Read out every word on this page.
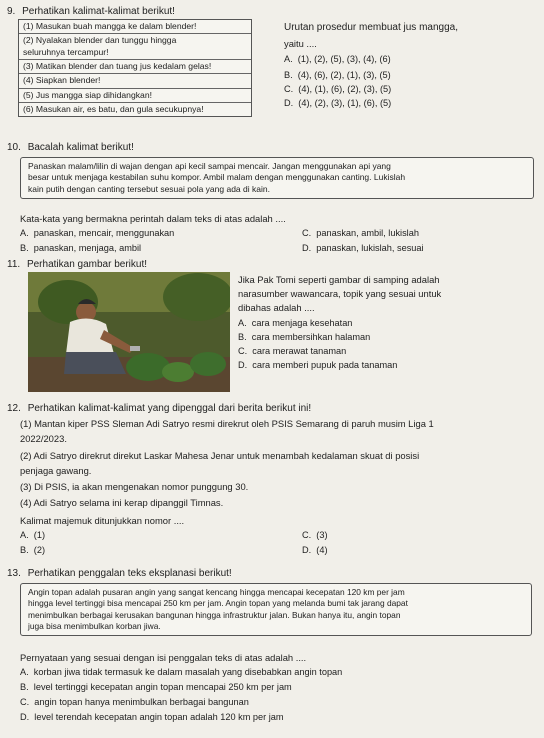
9. Perhatikan kalimat-kalimat berikut!
(1) Masukan buah mangga ke dalam blender!
(2) Nyalakan blender dan tunggu hingga
seluruhnya tercampur!
(3) Matikan blender dan tuang jus kedalam gelas!
(4) Siapkan blender!
(5) Jus mangga siap dihidangkan!
(6) Masukan air, es batu, dan gula secukupnya!
Urutan prosedur membuat jus mangga,
yaitu ....
A. (1), (2), (5), (3), (4), (6)
B. (4), (6), (2), (1), (3), (5)
C. (4), (1), (6), (2), (3), (5)
D. (4), (2), (3), (1), (6), (5)
10. Bacalah kalimat berikut!
Panaskan malam/lilin di wajan dengan api kecil sampai mencair. Jangan menggunakan api yang
besar untuk menjaga kestabilan suhu kompor. Ambil malam dengan menggunakan canting. Lukislah
kain putih dengan canting tersebut sesuai pola yang ada di kain.
Kata-kata yang bermakna perintah dalam teks di atas adalah ....
A. panaskan, mencair, menggunakan	C. panaskan, ambil, lukislah
B. panaskan, menjaga, ambil	D. panaskan, lukislah, sesuai
11. Perhatikan gambar berikut!
Jika Pak Tomi seperti gambar di samping adalah
narasumber wawancara, topik yang sesuai untuk
dibahas adalah ....
A. cara menjaga kesehatan
B. cara membersihkan halaman
C. cara merawat tanaman
D. cara memberi pupuk pada tanaman
12. Perhatikan kalimat-kalimat yang dipenggal dari berita berikut ini!
(1) Mantan kiper PSS Sleman Adi Satryo resmi direkrut oleh PSIS Semarang di paruh musim Liga 1
2022/2023.
(2) Adi Satryo direkrut direkut Laskar Mahesa Jenar untuk menambah kedalaman skuat di posisi
penjaga gawang.
(3) Di PSIS, ia akan mengenakan nomor punggung 30.
(4) Adi Satryo selama ini kerap dipanggil Timnas.
Kalimat majemuk ditunjukkan nomor ....
A. (1)	C. (3)
B. (2)	D. (4)
13. Perhatikan penggalan teks eksplanasi berikut!
Angin topan adalah pusaran angin yang sangat kencang hingga mencapai kecepatan 120 km per jam
hingga level tertinggi bisa mencapai 250 km per jam. Angin topan yang melanda bumi tak jarang dapat
menimbulkan berbagai kerusakan bangunan hingga infrastruktur jalan. Bukan hanya itu, angin topan
juga bisa menimbulkan korban jiwa.
Pernyataan yang sesuai dengan isi penggalan teks di atas adalah ....
A. korban jiwa tidak termasuk ke dalam masalah yang disebabkan angin topan
B. level tertinggi kecepatan angin topan mencapai 250 km per jam
C. angin topan hanya menimbulkan berbagai bangunan
D. level terendah kecepatan angin topan adalah 120 km per jam
